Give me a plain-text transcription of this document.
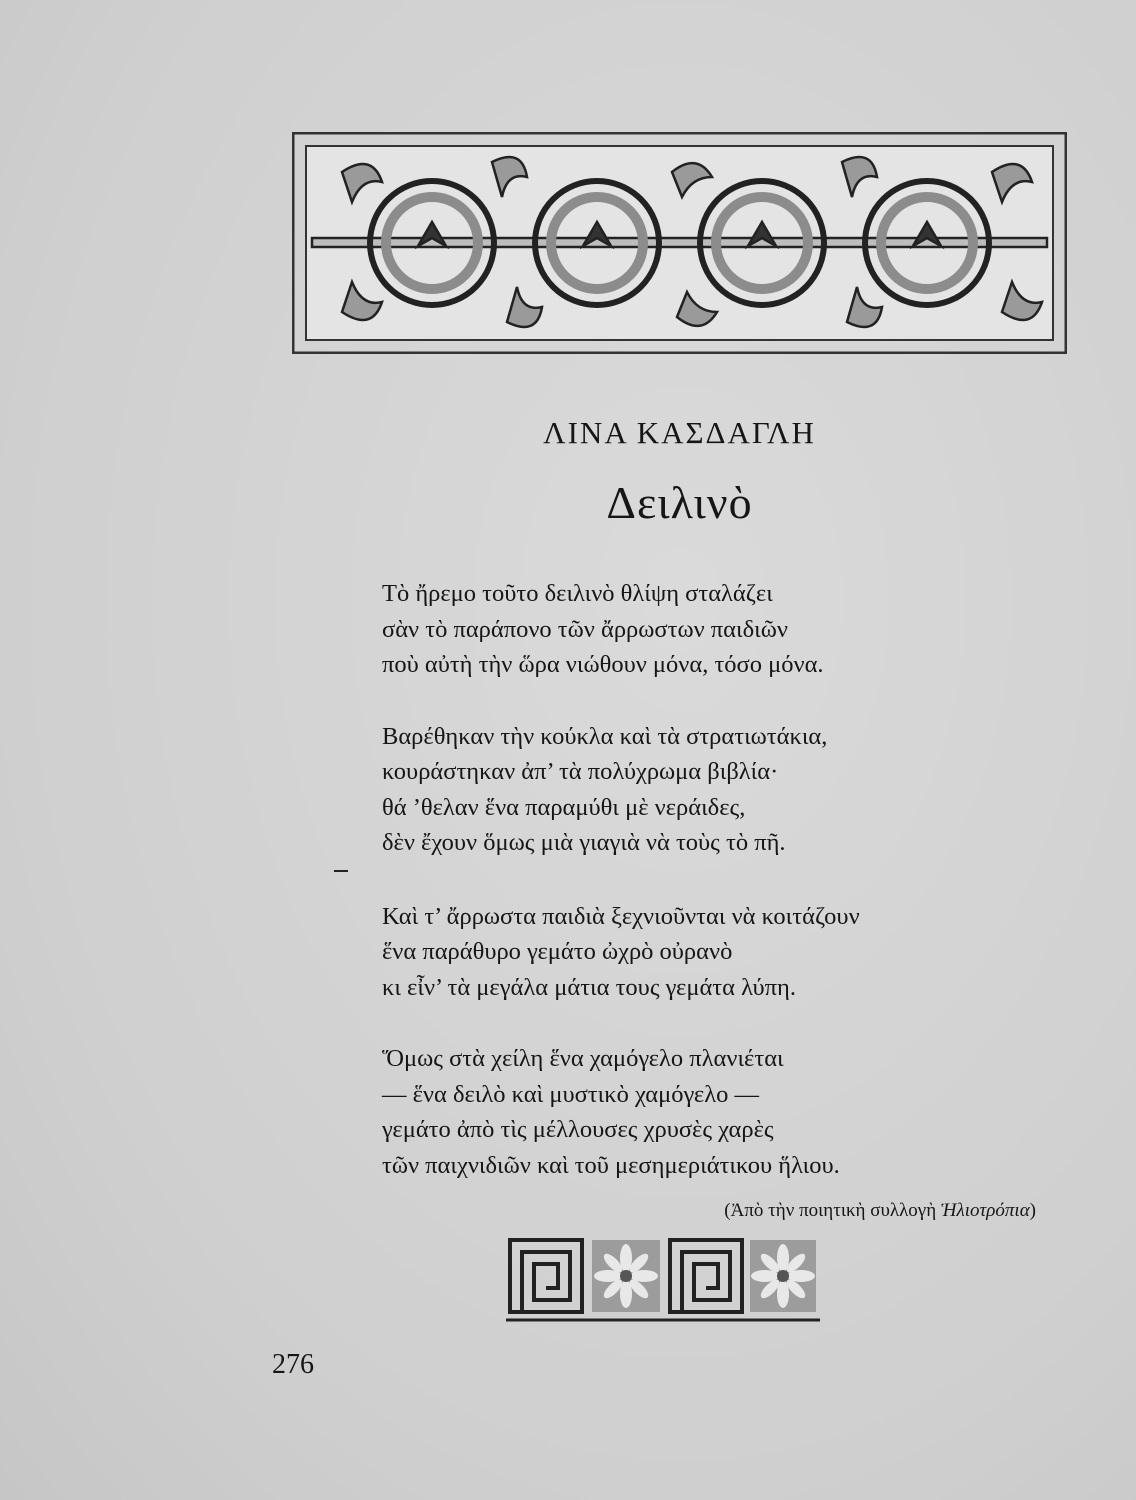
ΛΙΝΑ ΚΑΣΔΑΓΛΗ
Δειλινὸ
Τὸ ἤρεμο τοῦτο δειλινὸ θλίψη σταλάζει
σὰν τὸ παράπονο τῶν ἄρρωστων παιδιῶν
ποὺ αὐτὴ τὴν ὥρα νιώθουν μόνα, τόσο μόνα.
Βαρέθηκαν τὴν κούκλα καὶ τὰ στρατιωτάκια,
κουράστηκαν ἀπ’ τὰ πολύχρωμα βιβλία·
θά ’θελαν ἕνα παραμύθι μὲ νεράιδες,
δὲν ἔχουν ὅμως μιὰ γιαγιὰ νὰ τοὺς τὸ πῆ.
Καὶ τ’ ἄρρωστα παιδιὰ ξεχνιοῦνται νὰ κοιτάζουν
ἕνα παράθυρο γεμάτο ὠχρὸ οὐρανὸ
κι εἶν’ τὰ μεγάλα μάτια τους γεμάτα λύπη.
Ὅμως στὰ χείλη ἕνα χαμόγελο πλανιέται
— ἕνα δειλὸ καὶ μυστικὸ χαμόγελο —
γεμάτο ἀπὸ τὶς μέλλουσες χρυσὲς χαρὲς
τῶν παιχνιδιῶν καὶ τοῦ μεσημεριάτικου ἥλιου.
(Ἀπὸ τὴν ποιητικὴ συλλογὴ Ἡλιοτρόπια)
276
